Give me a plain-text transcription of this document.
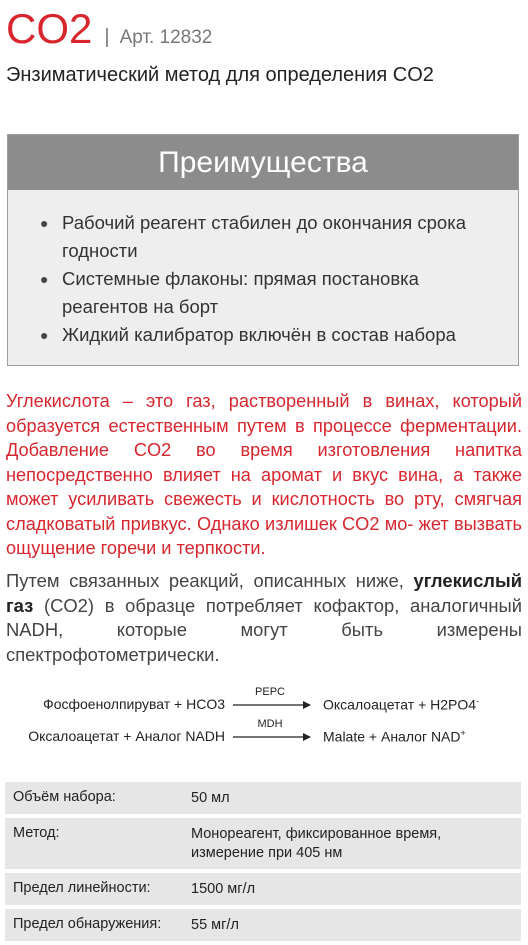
CO2 | Арт. 12832
Энзиматический метод для определения CO2
Преимущества
● Рабочий реагент стабилен до окончания срока годности
● Системные флаконы: прямая постановка реагентов на борт
● Жидкий калибратор включён в состав набора
Углекислота – это газ, растворенный в винах, который образуется естественным путем в процессе ферментации. Добавление CO2 во время изготовления напитка непосредственно влияет на аромат и вкус вина, а также может усиливать свежесть и кислотность во рту, смягчая сладковатый привкус. Однако излишек CO2 мо- жет вызвать ощущение горечи и терпкости.
Путем связанных реакций, описанных ниже, углекислый газ (CO2) в образце потребляет кофактор, аналогичный NADH, которые могут быть измерены спектрофотометрически.
Фосфоенолпируват + HCO3
PEPC
Оксалоацетат + H2PO4-
Оксалоацетат + Аналог NADH
MDH
Malate + Аналог NAD+
Объём набора:	50 мл
Метод:	Монореагент, фиксированное время,
измерение при 405 нм

Предел линейности:	1500 мг/л
Предел обнаружения:	55 мг/л
